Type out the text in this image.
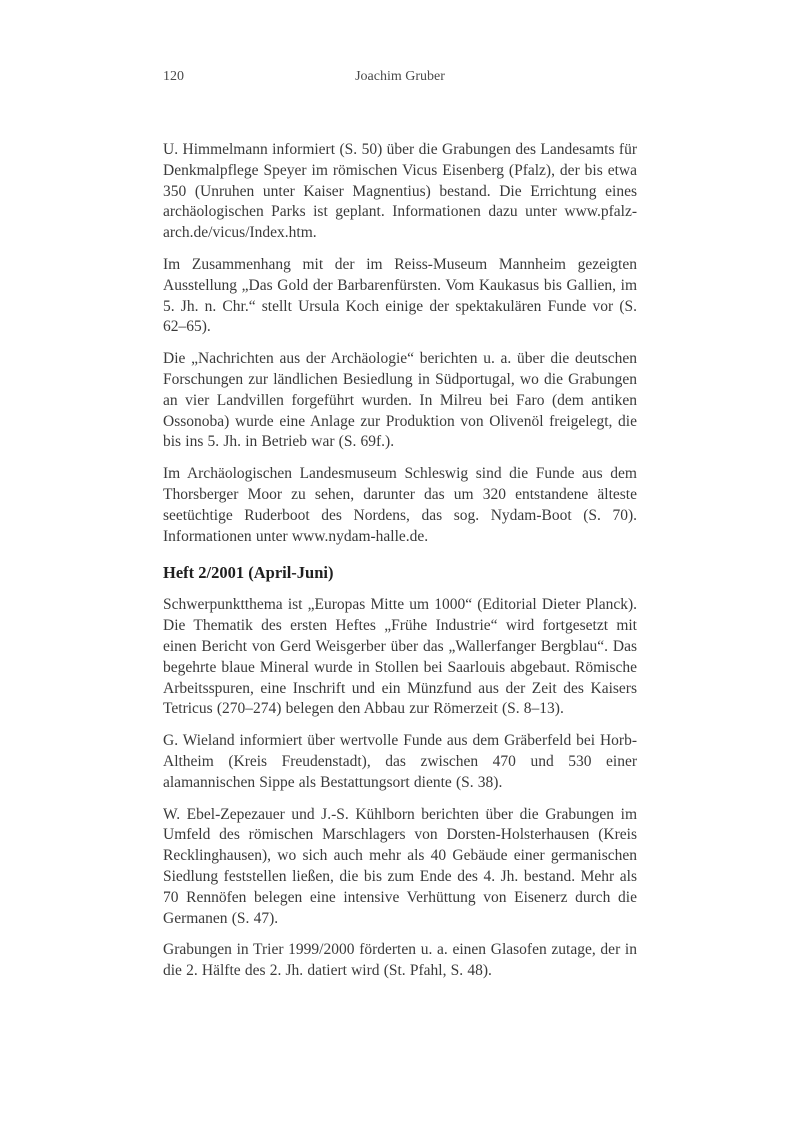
120	Joachim Gruber

U. Himmelmann informiert (S. 50) über die Grabungen des Landesamts für Denkmalpflege Speyer im römischen Vicus Eisenberg (Pfalz), der bis etwa 350 (Unruhen unter Kaiser Magnentius) bestand. Die Errichtung eines archäologischen Parks ist geplant. Informationen dazu unter www.pfalz-arch.de/vicus/Index.htm.

Im Zusammenhang mit der im Reiss-Museum Mannheim gezeigten Ausstellung „Das Gold der Barbarenfürsten. Vom Kaukasus bis Gallien, im 5. Jh. n. Chr.“ stellt Ursula Koch einige der spektakulären Funde vor (S. 62–65).

Die „Nachrichten aus der Archäologie“ berichten u. a. über die deutschen Forschungen zur ländlichen Besiedlung in Südportugal, wo die Grabungen an vier Landvillen forgeführt wurden. In Milreu bei Faro (dem antiken Ossonoba) wurde eine Anlage zur Produktion von Olivenöl freigelegt, die bis ins 5. Jh. in Betrieb war (S. 69f.).

Im Archäologischen Landesmuseum Schleswig sind die Funde aus dem Thorsberger Moor zu sehen, darunter das um 320 entstandene älteste seetüchtige Ruderboot des Nordens, das sog. Nydam-Boot (S. 70). Informationen unter www.nydam-halle.de.

Heft 2/2001 (April-Juni)

Schwerpunktthema ist „Europas Mitte um 1000“ (Editorial Dieter Planck). Die Thematik des ersten Heftes „Frühe Industrie“ wird fortgesetzt mit einen Bericht von Gerd Weisgerber über das „Wallerfanger Bergblau“. Das begehrte blaue Mineral wurde in Stollen bei Saarlouis abgebaut. Römische Arbeitsspuren, eine Inschrift und ein Münzfund aus der Zeit des Kaisers Tetricus (270–274) belegen den Abbau zur Römerzeit (S. 8–13).

G. Wieland informiert über wertvolle Funde aus dem Gräberfeld bei Horb-Altheim (Kreis Freudenstadt), das zwischen 470 und 530 einer alamannischen Sippe als Bestattungsort diente (S. 38).

W. Ebel-Zepezauer und J.-S. Kühlborn berichten über die Grabungen im Umfeld des römischen Marschlagers von Dorsten-Holsterhausen (Kreis Recklinghausen), wo sich auch mehr als 40 Gebäude einer germanischen Siedlung feststellen ließen, die bis zum Ende des 4. Jh. bestand. Mehr als 70 Rennöfen belegen eine intensive Verhüttung von Eisenerz durch die Germanen (S. 47).

Grabungen in Trier 1999/2000 förderten u. a. einen Glasofen zutage, der in die 2. Hälfte des 2. Jh. datiert wird (St. Pfahl, S. 48).
